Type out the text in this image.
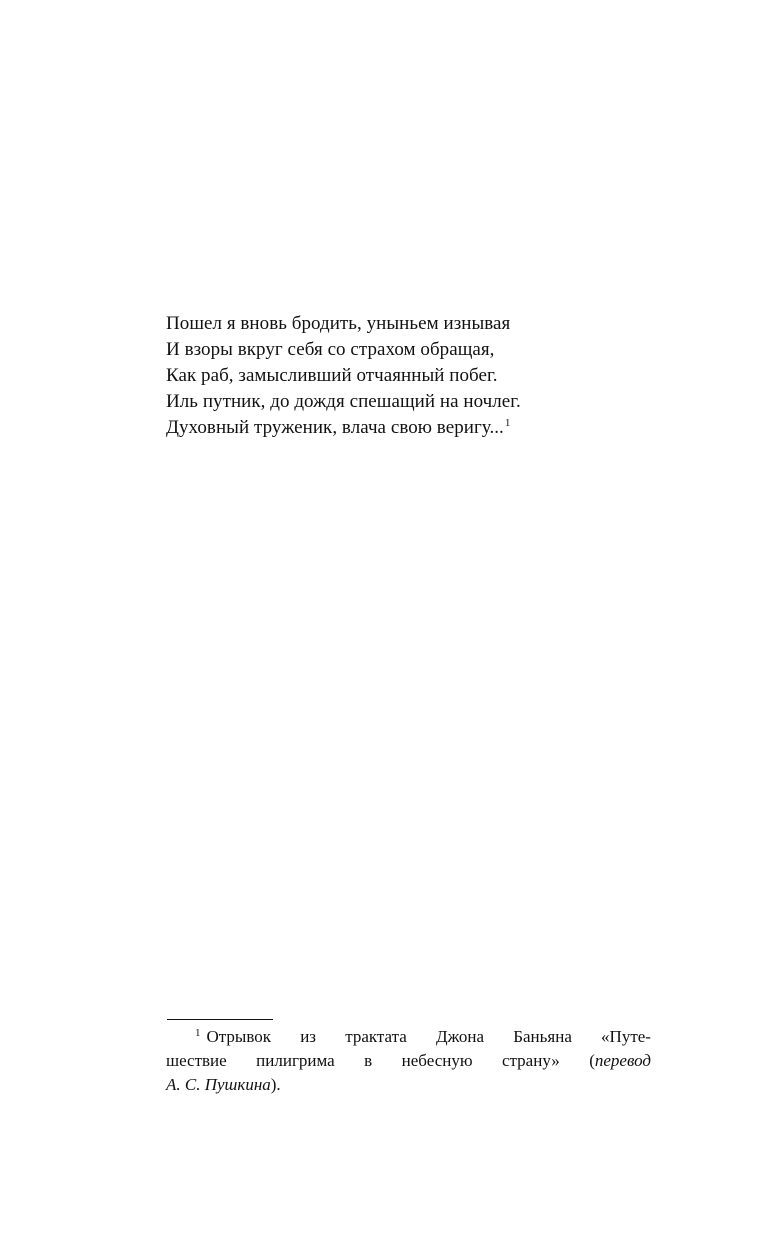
Пошел я вновь бродить, уныньем изнывая
И взоры вкруг себя со страхом обращая,
Как раб, замысливший отчаянный побег.
Иль путник, до дождя спешащий на ночлег.
Духовный труженик, влача свою веригу...$^1$
$^1$ Отрывок из трактата Джона Баньяна «Путе-
шествие пилигрима в небесную страну» (перевод
А. С. Пушкина).
